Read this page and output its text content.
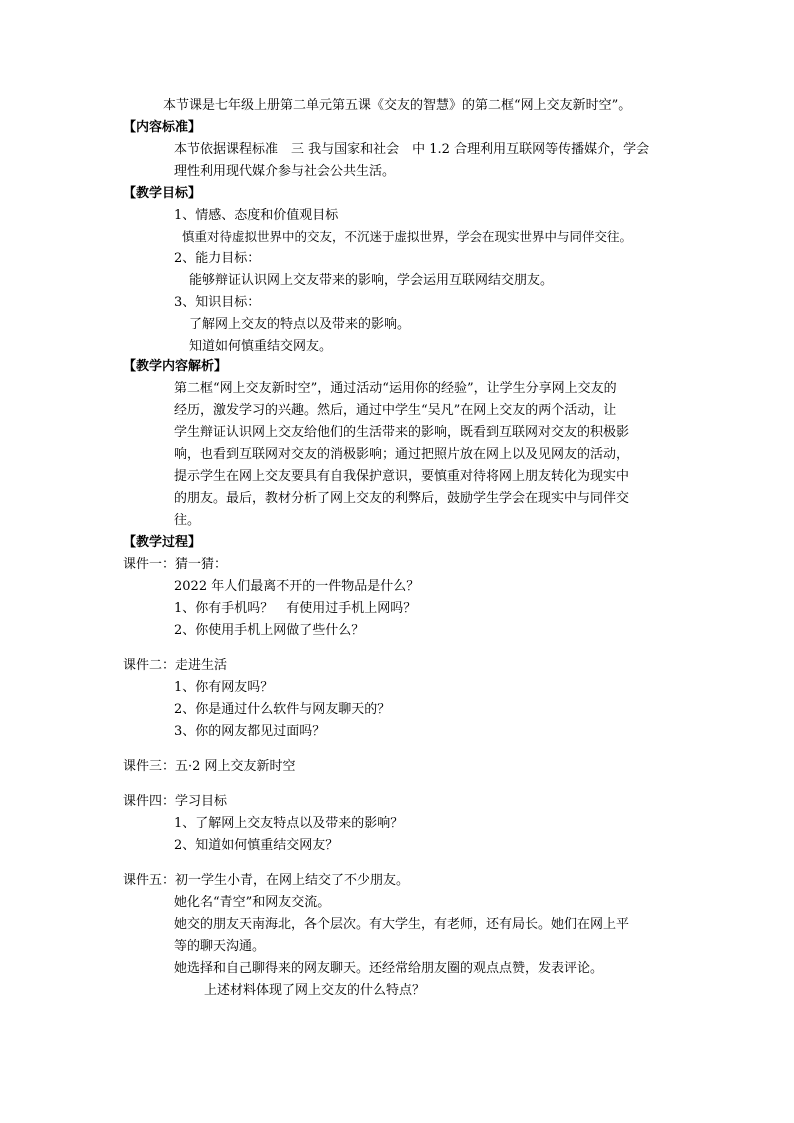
本节课是七年级上册第二单元第五课《交友的智慧》的第二框“网上交友新时空”。
【内容标准】
本节依据课程标准　三 我与国家和社会　中 1.2 合理利用互联网等传播媒介，学会
理性利用现代媒介参与社会公共生活。
【教学目标】
1、情感、态度和价值观目标
慎重对待虚拟世界中的交友，不沉迷于虚拟世界，学会在现实世界中与同伴交往。
2、能力目标：
能够辩证认识网上交友带来的影响，学会运用互联网结交朋友。
3、知识目标：
了解网上交友的特点以及带来的影响。
知道如何慎重结交网友。
【教学内容解析】
第二框“网上交友新时空”，通过活动“运用你的经验”，让学生分享网上交友的
经历，激发学习的兴趣。然后，通过中学生“吴凡”在网上交友的两个活动，让
学生辩证认识网上交友给他们的生活带来的影响，既看到互联网对交友的积极影
响，也看到互联网对交友的消极影响；通过把照片放在网上以及见网友的活动，
提示学生在网上交友要具有自我保护意识，要慎重对待将网上朋友转化为现实中
的朋友。最后，教材分析了网上交友的利弊后，鼓励学生学会在现实中与同伴交
往。
【教学过程】
课件一：猜一猜：
2022 年人们最离不开的一件物品是什么？
1、你有手机吗？　有使用过手机上网吗？
2、你使用手机上网做了些什么？
课件二：走进生活
1、你有网友吗？
2、你是通过什么软件与网友聊天的？
3、你的网友都见过面吗？
课件三：五·2 网上交友新时空
课件四：学习目标
1、了解网上交友特点以及带来的影响？
2、知道如何慎重结交网友？
课件五：初一学生小青，在网上结交了不少朋友。
她化名“青空”和网友交流。
她交的朋友天南海北，各个层次。有大学生，有老师，还有局长。她们在网上平
等的聊天沟通。
她选择和自己聊得来的网友聊天。还经常给朋友圈的观点点赞，发表评论。
上述材料体现了网上交友的什么特点？
